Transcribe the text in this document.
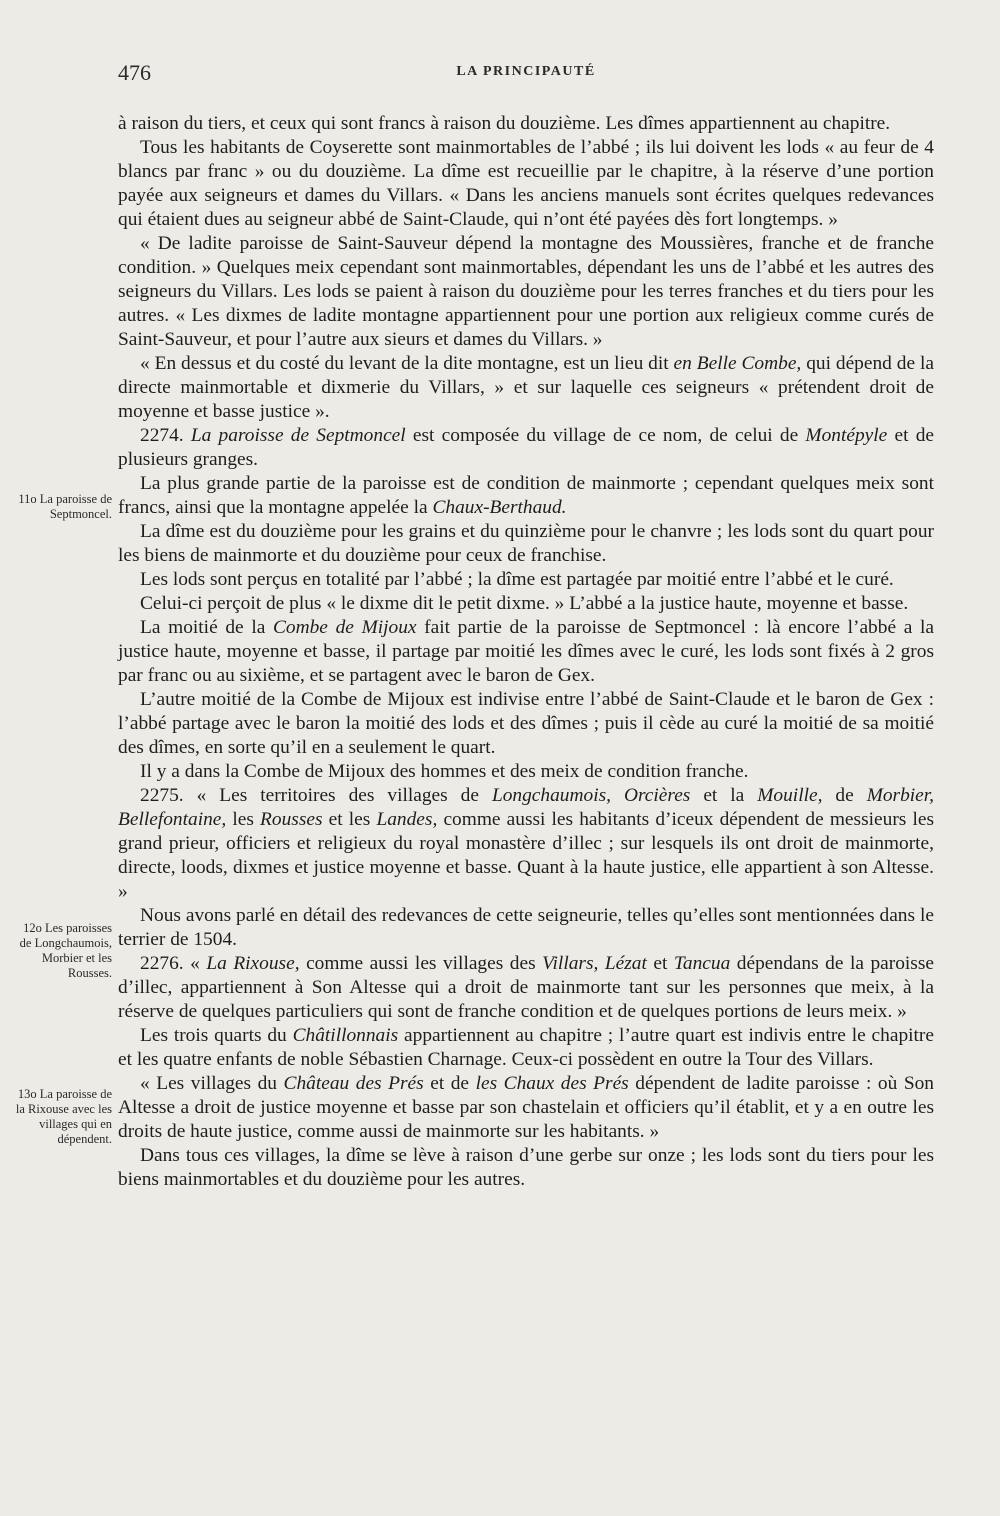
476	LA PRINCIPAUTÉ
11o La paroisse de Septmoncel.
12o Les paroisses de Longchaumois, Morbier et les Rousses.
13o La paroisse de la Rixouse avec les villages qui en dépendent.

à raison du tiers, et ceux qui sont francs à raison du douzième. Les dîmes appartiennent au chapitre.

Tous les habitants de Coyserette sont mainmortables de l’abbé ; ils lui doivent les lods « au feur de 4 blancs par franc » ou du douzième. La dîme est recueillie par le chapitre, à la réserve d’une portion payée aux seigneurs et dames du Villars. « Dans les anciens manuels sont écrites quelques redevances qui étaient dues au seigneur abbé de Saint-Claude, qui n’ont été payées dès fort longtemps. »

« De ladite paroisse de Saint-Sauveur dépend la montagne des Moussières, franche et de franche condition. » Quelques meix cependant sont mainmortables, dépendant les uns de l’abbé et les autres des seigneurs du Villars. Les lods se paient à raison du douzième pour les terres franches et du tiers pour les autres. « Les dixmes de ladite montagne appartiennent pour une portion aux religieux comme curés de Saint-Sauveur, et pour l’autre aux sieurs et dames du Villars. »

« En dessus et du costé du levant de la dite montagne, est un lieu dit en Belle Combe, qui dépend de la directe mainmortable et dixmerie du Villars, » et sur laquelle ces seigneurs « prétendent droit de moyenne et basse justice ».

2274. La paroisse de Septmoncel est composée du village de ce nom, de celui de Montépyle et de plusieurs granges.

La plus grande partie de la paroisse est de condition de mainmorte ; cependant quelques meix sont francs, ainsi que la montagne appelée la Chaux-Berthaud.

La dîme est du douzième pour les grains et du quinzième pour le chanvre ; les lods sont du quart pour les biens de mainmorte et du douzième pour ceux de franchise.

Les lods sont perçus en totalité par l’abbé ; la dîme est partagée par moitié entre l’abbé et le curé.

Celui-ci perçoit de plus « le dixme dit le petit dixme. » L’abbé a la justice haute, moyenne et basse.

La moitié de la Combe de Mijoux fait partie de la paroisse de Septmoncel : là encore l’abbé a la justice haute, moyenne et basse, il partage par moitié les dîmes avec le curé, les lods sont fixés à 2 gros par franc ou au sixième, et se partagent avec le baron de Gex.

L’autre moitié de la Combe de Mijoux est indivise entre l’abbé de Saint-Claude et le baron de Gex : l’abbé partage avec le baron la moitié des lods et des dîmes ; puis il cède au curé la moitié de sa moitié des dîmes, en sorte qu’il en a seulement le quart.

Il y a dans la Combe de Mijoux des hommes et des meix de condition franche.

2275. « Les territoires des villages de Longchaumois, Orcières et la Mouille, de Morbier, Bellefontaine, les Rousses et les Landes, comme aussi les habitants d’iceux dépendent de messieurs les grand prieur, officiers et religieux du royal monastère d’illec ; sur lesquels ils ont droit de mainmorte, directe, loods, dixmes et justice moyenne et basse. Quant à la haute justice, elle appartient à son Altesse. »

Nous avons parlé en détail des redevances de cette seigneurie, telles qu’elles sont mentionnées dans le terrier de 1504.

2276. « La Rixouse, comme aussi les villages des Villars, Lézat et Tancua dépendans de la paroisse d’illec, appartiennent à Son Altesse qui a droit de mainmorte tant sur les personnes que meix, à la réserve de quelques particuliers qui sont de franche condition et de quelques portions de leurs meix. »

Les trois quarts du Châtillonnais appartiennent au chapitre ; l’autre quart est indivis entre le chapitre et les quatre enfants de noble Sébastien Charnage. Ceux-ci possèdent en outre la Tour des Villars.

« Les villages du Château des Prés et de les Chaux des Prés dépendent de ladite paroisse : où Son Altesse a droit de justice moyenne et basse par son chastelain et officiers qu’il établit, et y a en outre les droits de haute justice, comme aussi de mainmorte sur les habitants. »

Dans tous ces villages, la dîme se lève à raison d’une gerbe sur onze ; les lods sont du tiers pour les biens mainmortables et du douzième pour les autres.
